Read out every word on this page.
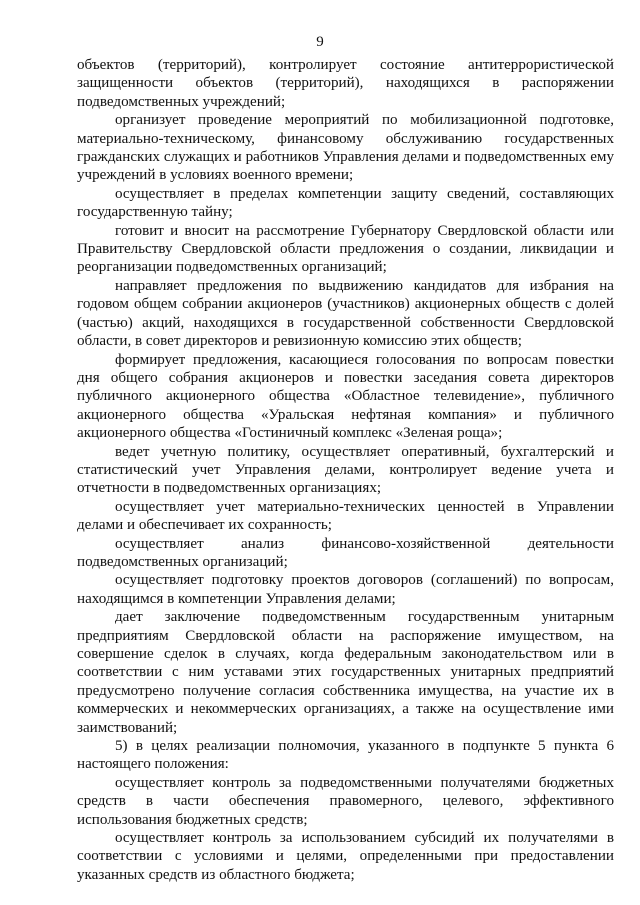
9

объектов (территорий), контролирует состояние антитеррористической защищенности объектов (территорий), находящихся в распоряжении подведомственных учреждений;

организует проведение мероприятий по мобилизационной подготовке, материально-техническому, финансовому обслуживанию государственных гражданских служащих и работников Управления делами и подведомственных ему учреждений в условиях военного времени;

осуществляет в пределах компетенции защиту сведений, составляющих государственную тайну;

готовит и вносит на рассмотрение Губернатору Свердловской области или Правительству Свердловской области предложения о создании, ликвидации и реорганизации подведомственных организаций;

направляет предложения по выдвижению кандидатов для избрания на годовом общем собрании акционеров (участников) акционерных обществ с долей (частью) акций, находящихся в государственной собственности Свердловской области, в совет директоров и ревизионную комиссию этих обществ;

формирует предложения, касающиеся голосования по вопросам повестки дня общего собрания акционеров и повестки заседания совета директоров публичного акционерного общества «Областное телевидение», публичного акционерного общества «Уральская нефтяная компания» и публичного акционерного общества «Гостиничный комплекс «Зеленая роща»;

ведет учетную политику, осуществляет оперативный, бухгалтерский и статистический учет Управления делами, контролирует ведение учета и отчетности в подведомственных организациях;

осуществляет учет материально-технических ценностей в Управлении делами и обеспечивает их сохранность;

осуществляет анализ финансово-хозяйственной деятельности подведомственных организаций;

осуществляет подготовку проектов договоров (соглашений) по вопросам, находящимся в компетенции Управления делами;

дает заключение подведомственным государственным унитарным предприятиям Свердловской области на распоряжение имуществом, на совершение сделок в случаях, когда федеральным законодательством или в соответствии с ним уставами этих государственных унитарных предприятий предусмотрено получение согласия собственника имущества, на участие их в коммерческих и некоммерческих организациях, а также на осуществление ими заимствований;

5) в целях реализации полномочия, указанного в подпункте 5 пункта 6 настоящего положения:

осуществляет контроль за подведомственными получателями бюджетных средств в части обеспечения правомерного, целевого, эффективного использования бюджетных средств;

осуществляет контроль за использованием субсидий их получателями в соответствии с условиями и целями, определенными при предоставлении указанных средств из областного бюджета;
